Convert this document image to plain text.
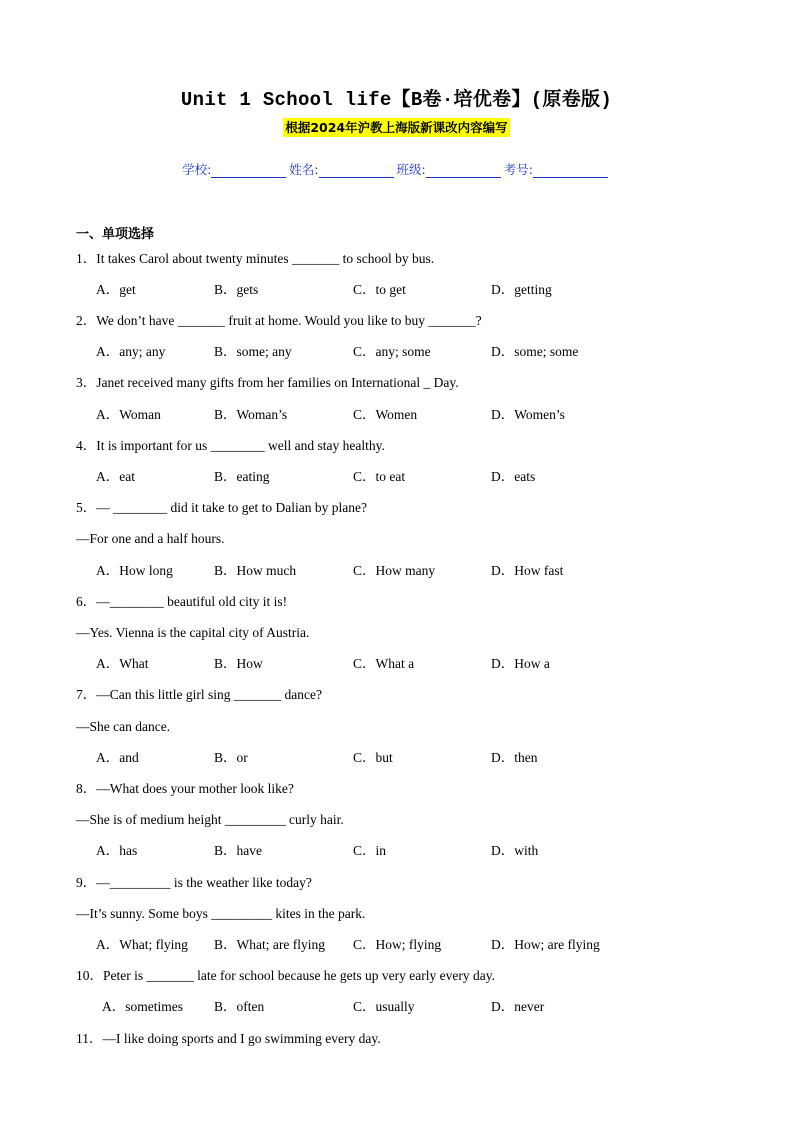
Unit 1 School life【B卷·培优卷】(原卷版)
根据2024年沪教上海版新课改内容编写
学校:	姓名:	班级:	考号:
一、单项选择
1．It takes Carol about twenty minutes _______ to school by bus.
A．get	B．gets	C．to get	D．getting
2．We don’t have _______ fruit at home. Would you like to buy _______?
A．any; any	B．some; any	C．any; some	D．some; some
3．Janet received many gifts from her families on International _ Day.
A．Woman	B．Woman’s	C．Women	D．Women’s
4．It is important for us ________ well and stay healthy.
A．eat	B．eating	C．to eat	D．eats
5．— ________ did it take to get to Dalian by plane?
—For one and a half hours.
A．How long	B．How much	C．How many	D．How fast
6．—________ beautiful old city it is!
—Yes. Vienna is the capital city of Austria.
A．What	B．How	C．What a	D．How a
7．—Can this little girl sing _______ dance?
—She can dance.
A．and	B．or	C．but	D．then
8．—What does your mother look like?
—She is of medium height _________ curly hair.
A．has	B．have	C．in	D．with
9．—_________ is the weather like today?
—It’s sunny. Some boys _________ kites in the park.
A．What; flying B．What; are flying C．How; flying	D．How; are flying
10．Peter is _______ late for school because he gets up very early every day.
A．sometimes B．often	C．usually	D．never
11．—I like doing sports and I go swimming every day.
